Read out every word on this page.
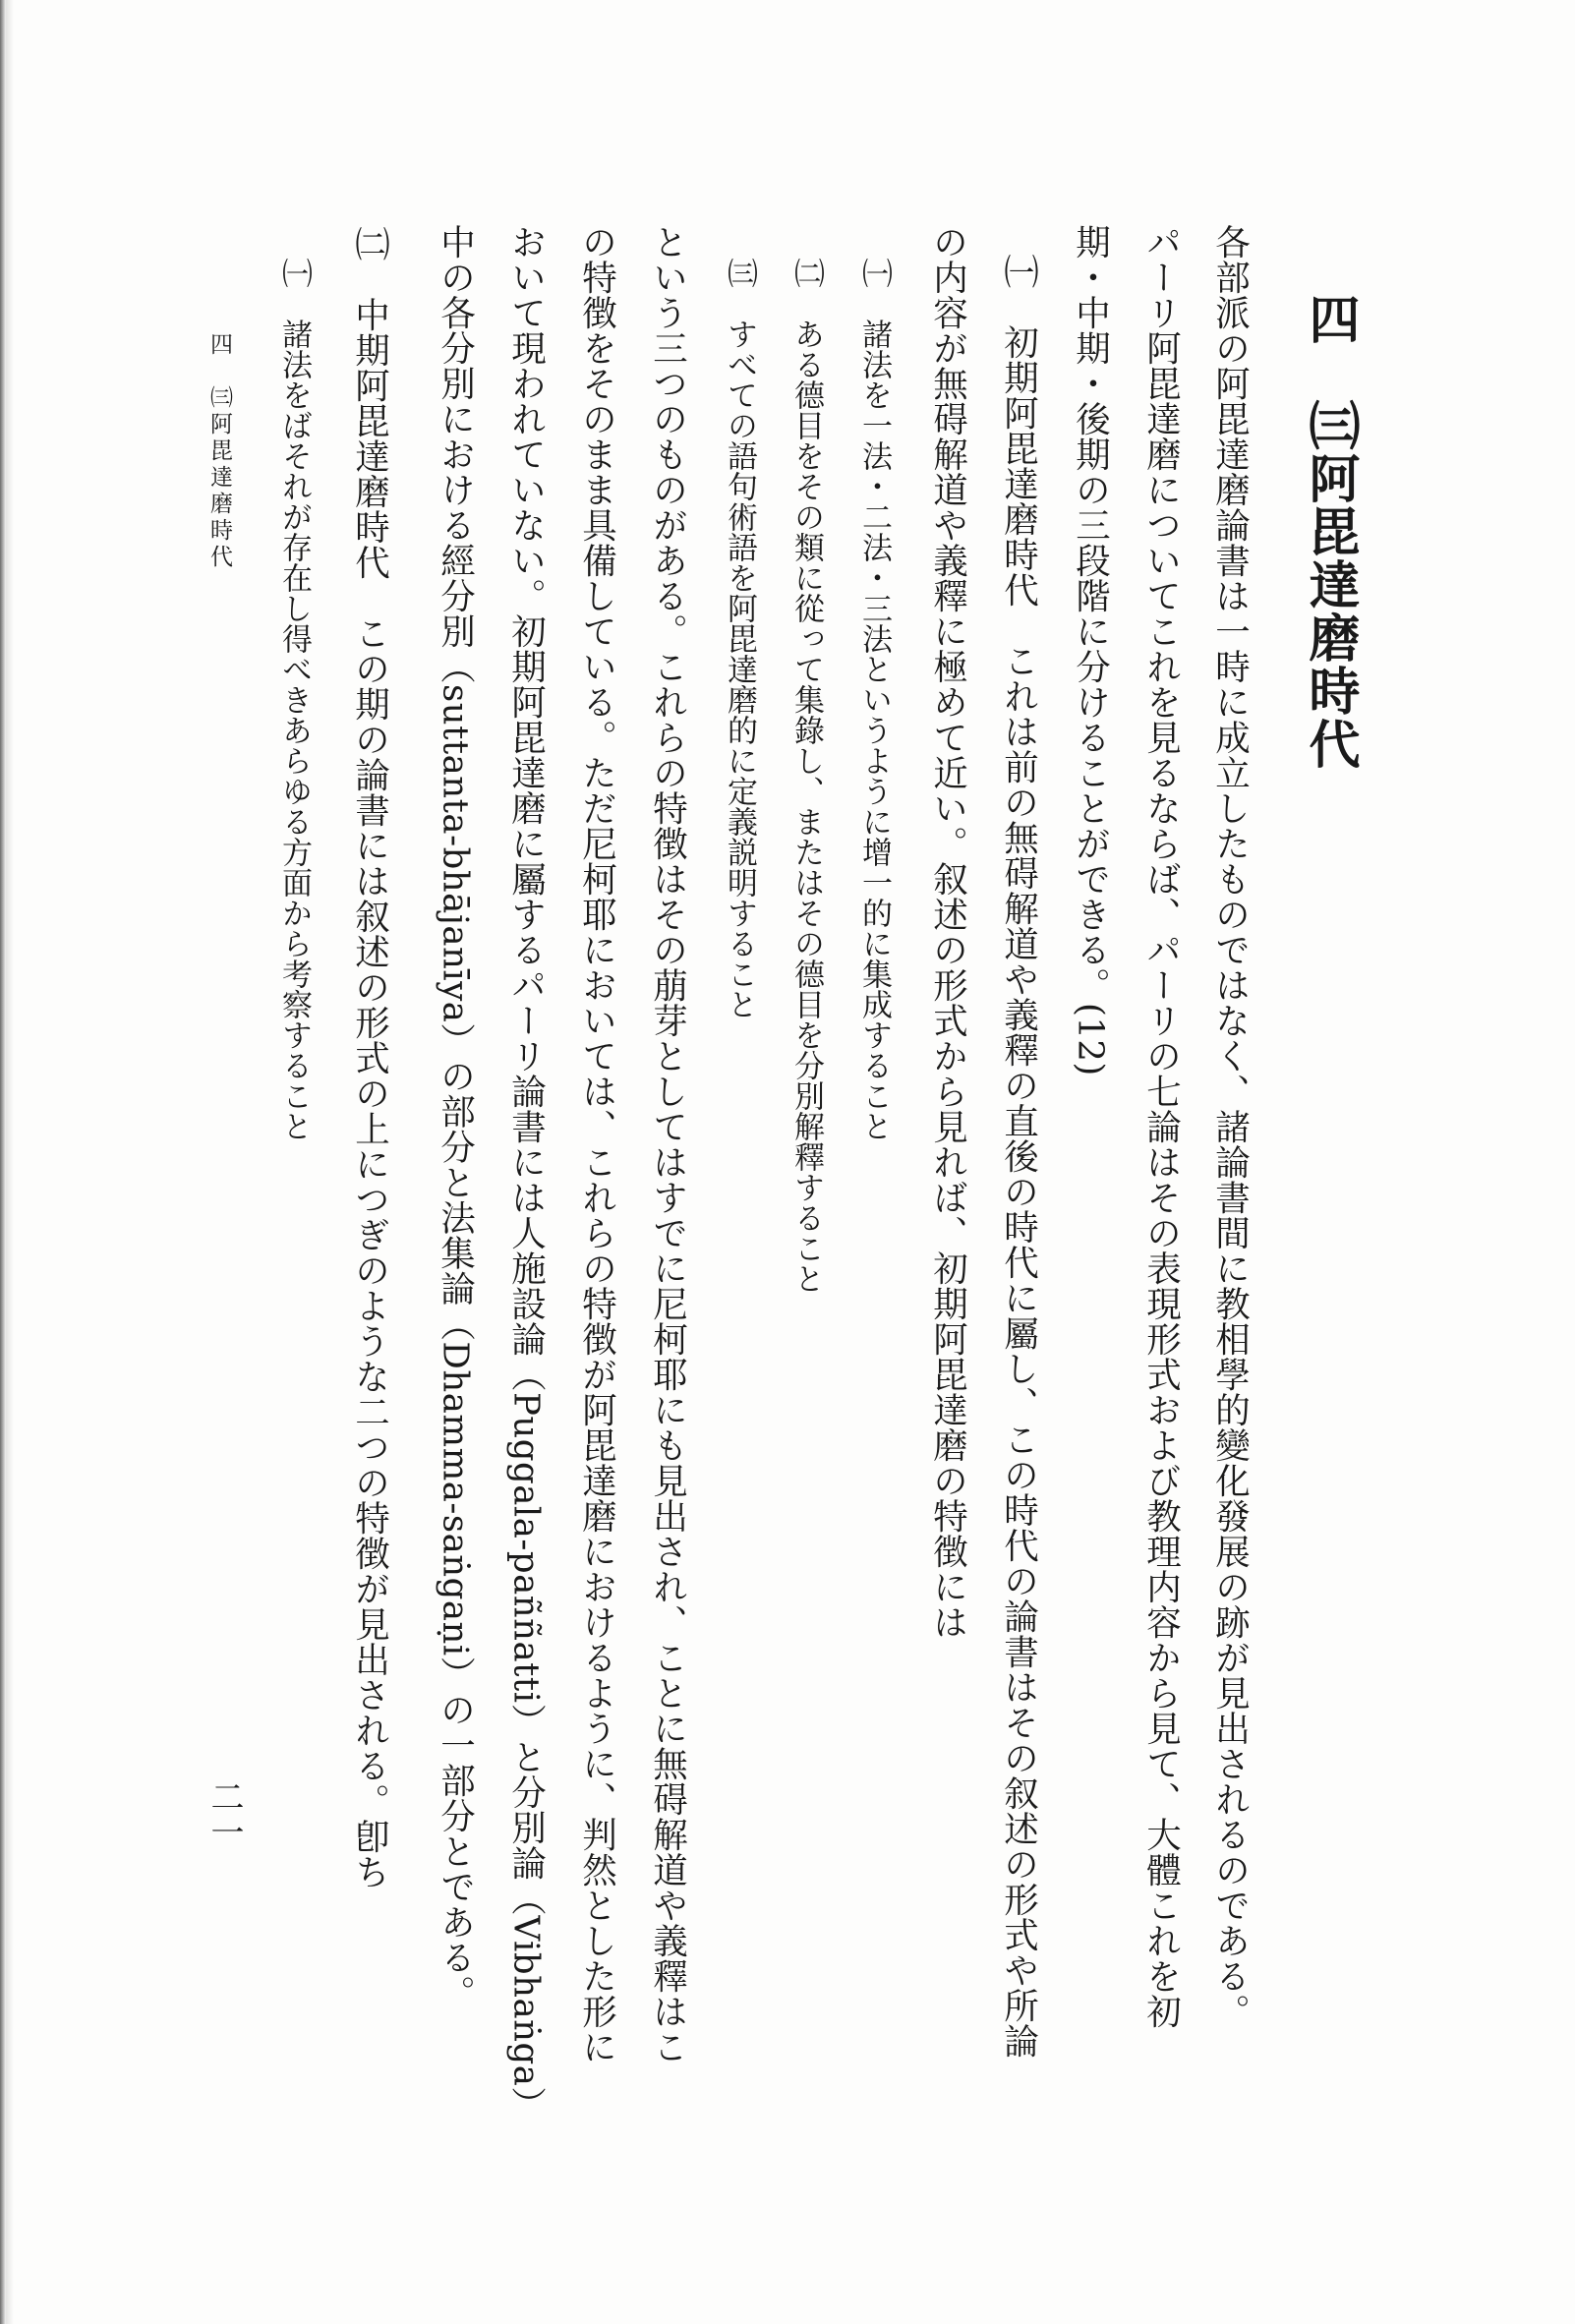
四　㈢阿毘達磨時代
各部派の阿毘達磨論書は一時に成立したものではなく、諸論書間に教相學的變化發展の跡が見出されるのである。
パーリ阿毘達磨についてこれを見るならば、パーリの七論はその表現形式および教理内容から見て、大體これを初
期・中期・後期の三段階に分けることができる。(12)
㈠　初期阿毘達磨時代　これは前の無碍解道や義釋の直後の時代に屬し、この時代の論書はその叙述の形式や所論
の内容が無碍解道や義釋に極めて近い。叙述の形式から見れば、初期阿毘達磨の特徴には
㈠　諸法を一法・二法・三法というように增一的に集成すること
㈡　ある德目をその類に從って集錄し、またはその德目を分別解釋すること
㈢　すべての語句術語を阿毘達磨的に定義説明すること
という三つのものがある。これらの特徴はその萠芽としてはすでに尼柯耶にも見出され、ことに無碍解道や義釋はこ
の特徴をそのまま具備している。ただ尼柯耶においては、これらの特徴が阿毘達磨におけるように、判然とした形に
おいて現われていない。初期阿毘達磨に屬するパーリ論書には人施設論（Puggala-paññatti）と分別論（Vibhaṅga）
中の各分別における經分別（suttanta-bhājanīya）の部分と法集論（Dhamma-saṅgaṇi）の一部分とである。
㈡　中期阿毘達磨時代　この期の論書には叙述の形式の上につぎのような二つの特徴が見出される。卽ち
㈠　諸法をばそれが存在し得べきあらゆる方面から考察すること
四　㈢阿毘達磨時代
二一
